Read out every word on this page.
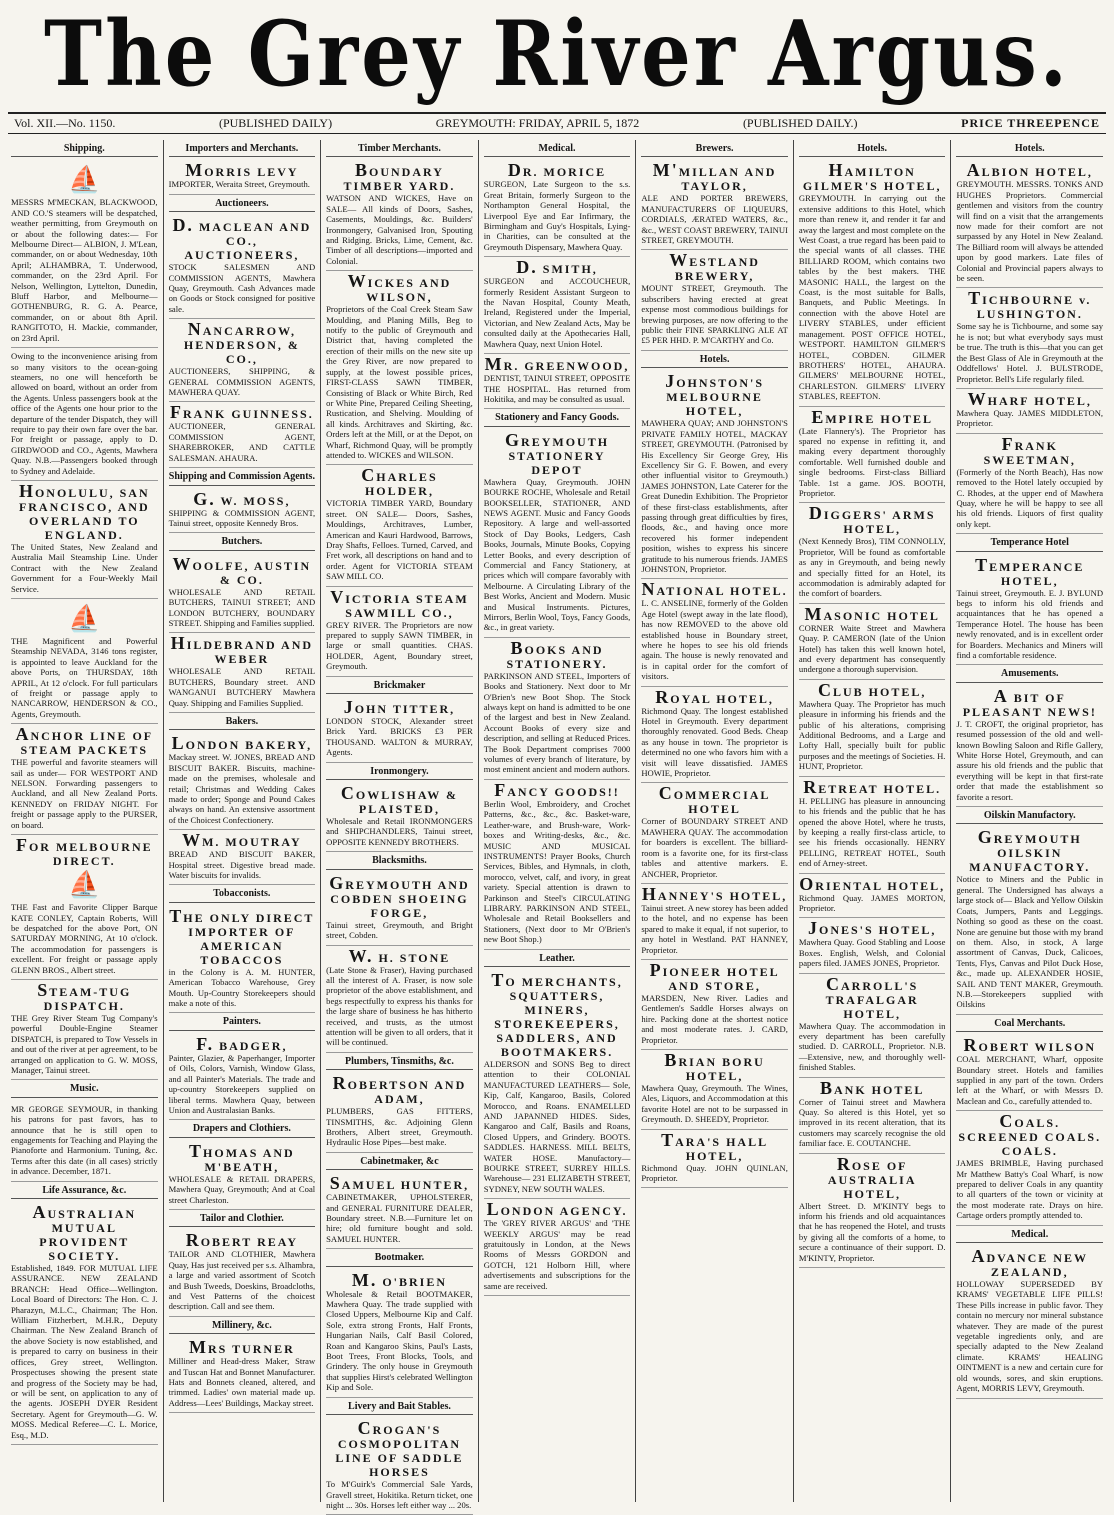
The Grey River Argus.
Vol. XII.—No. 1150.	(PUBLISHED DAILY)	GREYMOUTH: FRIDAY, APRIL 5, 1872	(PUBLISHED DAILY.)	PRICE THREEPENCE
Shipping.
⛵
MESSRS M'MECKAN, BLACKWOOD, AND CO.'S steamers will be despatched, weather permitting, from Greymouth on or about the following dates:— For Melbourne Direct— ALBION, J. M'Lean, commander, on or about Wednesday, 10th April; ALHAMBRA, T. Underwood, commander, on the 23rd April. For Nelson, Wellington, Lyttelton, Dunedin, Bluff Harbor, and Melbourne— GOTHENBURG, R. G. A. Pearce, commander, on or about 8th April. RANGITOTO, H. Mackie, commander, on 23rd April.
Owing to the inconvenience arising from so many visitors to the ocean-going steamers, no one will henceforth be allowed on board, without an order from the Agents. Unless passengers book at the office of the Agents one hour prior to the departure of the tender Dispatch, they will require to pay their own fare over the bar. For freight or passage, apply to D. GIRDWOOD and CO., Agents, Mawhera Quay. N.B.—Passengers booked through to Sydney and Adelaide.
HONOLULU, SAN FRANCISCO, AND OVERLAND TO ENGLAND.
The United States, New Zealand and Australia Mail Steamship Line. Under Contract with the New Zealand Government for a Four-Weekly Mail Service.
⛵
THE Magnificent and Powerful Steamship NEVADA, 3146 tons register, is appointed to leave Auckland for the above Ports, on THURSDAY, 18th APRIL, At 12 o'clock. For full particulars of freight or passage apply to NANCARROW, HENDERSON & CO., Agents, Greymouth.
ANCHOR LINE OF STEAM PACKETS
THE powerful and favorite steamers will sail as under— FOR WESTPORT AND NELSON. Forwarding passengers to Auckland, and all New Zealand Ports. KENNEDY on FRIDAY NIGHT. For freight or passage apply to the PURSER, on board.
FOR MELBOURNE DIRECT.
⛵
THE Fast and Favorite Clipper Barque KATE CONLEY, Captain Roberts, Will be despatched for the above Port, ON SATURDAY MORNING, At 10 o'clock. The accommodation for passengers is excellent. For freight or passage apply GLENN BROS., Albert street.
STEAM-TUG DISPATCH.
THE Grey River Steam Tug Company's powerful Double-Engine Steamer DISPATCH, is prepared to Tow Vessels in and out of the river at per agreement, to be arranged on application to G. W. MOSS, Manager, Tainui street.
Music.
MR GEORGE SEYMOUR, in thanking his patrons for past favors, has to announce that he is still open to engagements for Teaching and Playing the Pianoforte and Harmonium. Tuning, &c. Terms after this date (in all cases) strictly in advance. December, 1871.
Life Assurance, &c.
AUSTRALIAN MUTUAL PROVIDENT SOCIETY.
Established, 1849. FOR MUTUAL LIFE ASSURANCE. NEW ZEALAND BRANCH: Head Office—Wellington. Local Board of Directors: The Hon. C. J. Pharazyn, M.L.C., Chairman; The Hon. William Fitzherbert, M.H.R., Deputy Chairman. The New Zealand Branch of the above Society is now established, and is prepared to carry on business in their offices, Grey street, Wellington. Prospectuses showing the present state and progress of the Society may be had, or will be sent, on application to any of the agents. JOSEPH DYER Resident Secretary. Agent for Greymouth—G. W. MOSS. Medical Referee—C. L. Morice, Esq., M.D.
Importers and Merchants.
MORRIS LEVY
IMPORTER, Weraita Street, Greymouth.
Auctioneers.
D. MACLEAN AND CO., AUCTIONEERS,
STOCK SALESMEN AND COMMISSION AGENTS, Mawhera Quay, Greymouth. Cash Advances made on Goods or Stock consigned for positive sale.
NANCARROW, HENDERSON, & CO.,
AUCTIONEERS, SHIPPING, & GENERAL COMMISSION AGENTS, MAWHERA QUAY.
FRANK GUINNESS.
AUCTIONEER, GENERAL COMMISSION AGENT, SHAREBROKER, AND CATTLE SALESMAN. AHAURA.
Shipping and Commission Agents.
G. W. MOSS,
SHIPPING & COMMISSION AGENT, Tainui street, opposite Kennedy Bros.
Butchers.
WOOLFE, AUSTIN & CO.
WHOLESALE AND RETAIL BUTCHERS, TAINUI STREET; AND LONDON BUTCHERY, BOUNDARY STREET. Shipping and Families supplied.
HILDEBRAND AND WEBER
WHOLESALE AND RETAIL BUTCHERS, Boundary street. AND WANGANUI BUTCHERY Mawhera Quay. Shipping and Families Supplied.
Bakers.
LONDON BAKERY,
Mackay street. W. JONES, BREAD AND BISCUIT BAKER. Biscuits, machine-made on the premises, wholesale and retail; Christmas and Wedding Cakes made to order; Sponge and Pound Cakes always on hand. An extensive assortment of the Choicest Confectionery.
WM. MOUTRAY
BREAD AND BISCUIT BAKER, Hospital street. Digestive bread made. Water biscuits for invalids.
Tobacconists.
THE ONLY DIRECT IMPORTER OF AMERICAN TOBACCOS
in the Colony is A. M. HUNTER, American Tobacco Warehouse, Grey Mouth. Up-Country Storekeepers should make a note of this.
Painters.
F. BADGER,
Painter, Glazier, & Paperhanger, Importer of Oils, Colors, Varnish, Window Glass, and all Painter's Materials. The trade and up-country Storekeepers supplied on liberal terms. Mawhera Quay, between Union and Australasian Banks.
Drapers and Clothiers.
THOMAS AND M'BEATH,
WHOLESALE & RETAIL DRAPERS, Mawhera Quay, Greymouth; And at Coal street Charleston.
Tailor and Clothier.
ROBERT REAY
TAILOR AND CLOTHIER, Mawhera Quay, Has just received per s.s. Alhambra, a large and varied assortment of Scotch and Bush Tweeds, Doeskins, Broadcloths, and Vest Patterns of the choicest description. Call and see them.
Millinery, &c.
MRS TURNER
Milliner and Head-dress Maker, Straw and Tuscan Hat and Bonnet Manufacturer. Hats and Bonnets cleaned, altered, and trimmed. Ladies' own material made up. Address—Lees' Buildings, Mackay street.
Timber Merchants.
BOUNDARY TIMBER YARD.
WATSON AND WICKES, Have on SALE— All kinds of Doors, Sashes, Casements, Mouldings, &c. Builders' Ironmongery, Galvanised Iron, Spouting and Ridging. Bricks, Lime, Cement, &c. Timber of all descriptions—imported and Colonial.
WICKES AND WILSON,
Proprietors of the Coal Creek Steam Saw Moulding, and Planing Mills, Beg to notify to the public of Greymouth and District that, having completed the erection of their mills on the new site up the Grey River, are now prepared to supply, at the lowest possible prices, FIRST-CLASS SAWN TIMBER, Consisting of Black or White Birch, Red or White Pine, Prepared Ceiling Sheeting, Rustication, and Shelving. Moulding of all kinds. Architraves and Skirting, &c. Orders left at the Mill, or at the Depot, on Wharf, Richmond Quay, will be promptly attended to. WICKES and WILSON.
CHARLES HOLDER,
VICTORIA TIMBER YARD, Boundary street. ON SALE— Doors, Sashes, Mouldings, Architraves, Lumber, American and Kauri Hardwood, Barrows, Dray Shafts, Felloes. Turned, Carved, and Fret work, all descriptions on hand and to order. Agent for VICTORIA STEAM SAW MILL CO.
VICTORIA STEAM SAWMILL CO.,
GREY RIVER. The Proprietors are now prepared to supply SAWN TIMBER, in large or small quantities. CHAS. HOLDER, Agent, Boundary street, Greymouth.
Brickmaker
JOHN TITTER,
LONDON STOCK, Alexander street Brick Yard. BRICKS £3 PER THOUSAND. WALTON & MURRAY, Agents.
Ironmongery.
COWLISHAW & PLAISTED,
Wholesale and Retail IRONMONGERS and SHIPCHANDLERS, Tainui street, OPPOSITE KENNEDY BROTHERS.
Blacksmiths.
GREYMOUTH AND COBDEN SHOEING FORGE,
Tainui street, Greymouth, and Bright street, Cobden.
W. H. STONE
(Late Stone & Fraser), Having purchased all the interest of A. Fraser, is now sole proprietor of the above establishment, and begs respectfully to express his thanks for the large share of business he has hitherto received, and trusts, as the utmost attention will be given to all orders, that it will be continued.
Plumbers, Tinsmiths, &c.
ROBERTSON AND ADAM,
PLUMBERS, GAS FITTERS, TINSMITHS, &c. Adjoining Glenn Brothers, Albert street, Greymouth. Hydraulic Hose Pipes—best make.
Cabinetmaker, &c
SAMUEL HUNTER,
CABINETMAKER, UPHOLSTERER, and GENERAL FURNITURE DEALER, Boundary street. N.B.—Furniture let on hire; old furniture bought and sold. SAMUEL HUNTER.
Bootmaker.
M. O'BRIEN
Wholesale & Retail BOOTMAKER, Mawhera Quay. The trade supplied with Closed Uppers, Melbourne Kip and Calf. Sole, extra strong Fronts, Half Fronts, Hungarian Nails, Calf Basil Colored, Roan and Kangaroo Skins, Paul's Lasts, Boot Trees, Front Blocks, Tools, and Grindery. The only house in Greymouth that supplies Hirst's celebrated Wellington Kip and Sole.
Livery and Bait Stables.
CROGAN'S COSMOPOLITAN LINE OF SADDLE HORSES
To M'Guirk's Commercial Sale Yards, Gravell street, Hokitika. Return ticket, one night ... 30s. Horses left either way ... 20s.
Medical.
DR. MORICE
SURGEON, Late Surgeon to the s.s. Great Britain, formerly Surgeon to the Northampton General Hospital, the Liverpool Eye and Ear Infirmary, the Birmingham and Guy's Hospitals, Lying-in Charities, can be consulted at the Greymouth Dispensary, Mawhera Quay.
D. SMITH,
SURGEON and ACCOUCHEUR, formerly Resident Assistant Surgeon to the Navan Hospital, County Meath, Ireland, Registered under the Imperial, Victorian, and New Zealand Acts, May be consulted daily at the Apothecaries Hall, Mawhera Quay, next Union Hotel.
MR. GREENWOOD,
DENTIST, TAINUI STREET, OPPOSITE THE HOSPITAL. Has returned from Hokitika, and may be consulted as usual.
Stationery and Fancy Goods.
GREYMOUTH STATIONERY DEPOT
Mawhera Quay, Greymouth. JOHN BOURKE ROCHE, Wholesale and Retail BOOKSELLER, STATIONER, AND NEWS AGENT. Music and Fancy Goods Repository. A large and well-assorted Stock of Day Books, Ledgers, Cash Books, Journals, Minute Books, Copying Letter Books, and every description of Commercial and Fancy Stationery, at prices which will compare favorably with Melbourne. A Circulating Library of the Best Works, Ancient and Modern. Music and Musical Instruments. Pictures, Mirrors, Berlin Wool, Toys, Fancy Goods, &c., in great variety.
BOOKS AND STATIONERY.
PARKINSON AND STEEL, Importers of Books and Stationery. Next door to Mr O'Brien's new Boot Shop. The Stock always kept on hand is admitted to be one of the largest and best in New Zealand. Account Books of every size and description, and selling at Reduced Prices. The Book Department comprises 7000 volumes of every branch of literature, by most eminent ancient and modern authors.
FANCY GOODS!!
Berlin Wool, Embroidery, and Crochet Patterns, &c., &c., &c. Basket-ware, Leather-ware, and Brush-ware, Work-boxes and Writing-desks, &c., &c. MUSIC AND MUSICAL INSTRUMENTS! Prayer Books, Church Services, Bibles, and Hymnals, in cloth, morocco, velvet, calf, and ivory, in great variety. Special attention is drawn to Parkinson and Steel's CIRCULATING LIBRARY. PARKINSON AND STEEL, Wholesale and Retail Booksellers and Stationers, (Next door to Mr O'Brien's new Boot Shop.)
Leather.
TO MERCHANTS, SQUATTERS, MINERS, STOREKEEPERS, SADDLERS, AND BOOTMAKERS.
ALDERSON and SONS Beg to direct attention to their COLONIAL MANUFACTURED LEATHERS— Sole, Kip, Calf, Kangaroo, Basils, Colored Morocco, and Roans. ENAMELLED AND JAPANNED HIDES. Sides, Kangaroo and Calf, Basils and Roans, Closed Uppers, and Grindery. BOOTS. SADDLES. HARNESS. MILL BELTS, WATER HOSE. Manufactory— BOURKE STREET, SURREY HILLS. Warehouse— 231 ELIZABETH STREET, SYDNEY, NEW SOUTH WALES.
LONDON AGENCY.
The 'GREY RIVER ARGUS' and 'THE WEEKLY ARGUS' may be read gratuitously in London, at the News Rooms of Messrs GORDON and GOTCH, 121 Holborn Hill, where advertisements and subscriptions for the same are received.
Brewers.
M'MILLAN AND TAYLOR,
ALE AND PORTER BREWERS, MANUFACTURERS OF LIQUEURS, CORDIALS, ÆRATED WATERS, &c., &c., WEST COAST BREWERY, TAINUI STREET, GREYMOUTH.
WESTLAND BREWERY,
MOUNT STREET, Greymouth. The subscribers having erected at great expense most commodious buildings for brewing purposes, are now offering to the public their FINE SPARKLING ALE AT £5 PER HHD. P. M'CARTHY and Co.
Hotels.
JOHNSTON'S MELBOURNE HOTEL,
MAWHERA QUAY; AND JOHNSTON'S PRIVATE FAMILY HOTEL, MACKAY STREET, GREYMOUTH. (Patronised by His Excellency Sir George Grey, His Excellency Sir G. F. Bowen, and every other influential visitor to Greymouth.) JAMES JOHNSTON, Late Caterer for the Great Dunedin Exhibition. The Proprietor of these first-class establishments, after passing through great difficulties by fires, floods, &c., and having once more recovered his former independent position, wishes to express his sincere gratitude to his numerous friends. JAMES JOHNSTON, Proprietor.
NATIONAL HOTEL.
L. C. ANSELINE, formerly of the Golden Age Hotel (swept away in the late flood), has now REMOVED to the above old established house in Boundary street, where he hopes to see his old friends again. The house is newly renovated and is in capital order for the comfort of visitors.
ROYAL HOTEL,
Richmond Quay. The longest established Hotel in Greymouth. Every department thoroughly renovated. Good Beds. Cheap as any house in town. The proprietor is determined no one who favors him with a visit will leave dissatisfied. JAMES HOWIE, Proprietor.
COMMERCIAL HOTEL
Corner of BOUNDARY STREET AND MAWHERA QUAY. The accommodation for boarders is excellent. The billiard-room is a favorite one, for its first-class tables and attentive markers. E. ANCHER, Proprietor.
HANNEY'S HOTEL,
Tainui street. A new storey has been added to the hotel, and no expense has been spared to make it equal, if not superior, to any hotel in Westland. PAT HANNEY, Proprietor.
PIONEER HOTEL AND STORE,
MARSDEN, New River. Ladies and Gentlemen's Saddle Horses always on hire. Packing done at the shortest notice and most moderate rates. J. CARD, Proprietor.
BRIAN BORU HOTEL,
Mawhera Quay, Greymouth. The Wines, Ales, Liquors, and Accommodation at this favorite Hotel are not to be surpassed in Greymouth. D. SHEEDY, Proprietor.
TARA'S HALL HOTEL,
Richmond Quay. JOHN QUINLAN, Proprietor.
Hotels.
HAMILTON GILMER'S HOTEL,
GREYMOUTH. In carrying out the extensive additions to this Hotel, which more than renew it, and render it far and away the largest and most complete on the West Coast, a true regard has been paid to the special wants of all classes. THE BILLIARD ROOM, which contains two tables by the best makers. THE MASONIC HALL, the largest on the Coast, is the most suitable for Balls, Banquets, and Public Meetings. In connection with the above Hotel are LIVERY STABLES, under efficient management. POST OFFICE HOTEL, WESTPORT. HAMILTON GILMER'S HOTEL, COBDEN. GILMER BROTHERS' HOTEL, AHAURA. GILMERS' MELBOURNE HOTEL, CHARLESTON. GILMERS' LIVERY STABLES, REEFTON.
EMPIRE HOTEL
(Late Flannery's). The Proprietor has spared no expense in refitting it, and making every department thoroughly comfortable. Well furnished double and single bedrooms. First-class Billiard Table. 1st a game. JOS. BOOTH, Proprietor.
DIGGERS' ARMS HOTEL,
(Next Kennedy Bros), TIM CONNOLLY, Proprietor, Will be found as comfortable as any in Greymouth, and being newly and specially fitted for an Hotel, its accommodation is admirably adapted for the comfort of boarders.
MASONIC HOTEL
CORNER Waite Street and Mawhera Quay. P. CAMERON (late of the Union Hotel) has taken this well known hotel, and every department has consequently undergone a thorough supervision.
CLUB HOTEL,
Mawhera Quay. The Proprietor has much pleasure in informing his friends and the public of his alterations, comprising Additional Bedrooms, and a Large and Lofty Hall, specially built for public purposes and the meetings of Societies. H. HUNT, Proprietor.
RETREAT HOTEL.
H. PELLING has pleasure in announcing to his friends and the public that he has opened the above Hotel, where he trusts, by keeping a really first-class article, to see his friends occasionally. HENRY PELLING, RETREAT HOTEL, South end of Arney-street.
ORIENTAL HOTEL,
Richmond Quay. JAMES MORTON, Proprietor.
JONES'S HOTEL,
Mawhera Quay. Good Stabling and Loose Boxes. English, Welsh, and Colonial papers filed. JAMES JONES, Proprietor.
CARROLL'S TRAFALGAR HOTEL,
Mawhera Quay. The accommodation in every department has been carefully studied. D. CARROLL, Proprietor. N.B.—Extensive, new, and thoroughly well-finished Stables.
BANK HOTEL
Corner of Tainui street and Mawhera Quay. So altered is this Hotel, yet so improved in its recent alteration, that its customers may scarcely recognise the old familiar face. E. COUTANCHE.
ROSE OF AUSTRALIA HOTEL,
Albert Street. D. M'KINTY begs to inform his friends and old acquaintances that he has reopened the Hotel, and trusts by giving all the comforts of a home, to secure a continuance of their support. D. M'KINTY, Proprietor.
Hotels.
ALBION HOTEL,
GREYMOUTH. MESSRS. TONKS AND HUGHES Proprietors. Commercial gentlemen and visitors from the country will find on a visit that the arrangements now made for their comfort are not surpassed by any Hotel in New Zealand. The Billiard room will always be attended upon by good markers. Late files of Colonial and Provincial papers always to be seen.
TICHBOURNE v. LUSHINGTON.
Some say he is Tichbourne, and some say he is not; but what everybody says must be true. The truth is this—that you can get the Best Glass of Ale in Greymouth at the Oddfellows' Hotel. J. BULSTRODE, Proprietor. Bell's Life regularly filed.
WHARF HOTEL,
Mawhera Quay. JAMES MIDDLETON, Proprietor.
FRANK SWEETMAN,
(Formerly of the North Beach), Has now removed to the Hotel lately occupied by C. Rhodes, at the upper end of Mawhera Quay, where he will be happy to see all his old friends. Liquors of first quality only kept.
Temperance Hotel
TEMPERANCE HOTEL,
Tainui street, Greymouth. E. J. BYLUND begs to inform his old friends and acquaintances that he has opened a Temperance Hotel. The house has been newly renovated, and is in excellent order for Boarders. Mechanics and Miners will find a comfortable residence.
Amusements.
A BIT OF PLEASANT NEWS!
J. T. CROFT, the original proprietor, has resumed possession of the old and well-known Bowling Saloon and Rifle Gallery, White Horse Hotel, Greymouth, and can assure his old friends and the public that everything will be kept in that first-rate order that made the establishment so favorite a resort.
Oilskin Manufactory.
GREYMOUTH OILSKIN MANUFACTORY.
Notice to Miners and the Public in general. The Undersigned has always a large stock of— Black and Yellow Oilskin Coats, Jumpers, Pants and Leggings. Nothing so good as these on the coast. None are genuine but those with my brand on them. Also, in stock, A large assortment of Canvas, Duck, Calicoes, Tents, Flys, Canvas and Pilot Duck Hose, &c., made up. ALEXANDER HOSIE, SAIL AND TENT MAKER, Greymouth. N.B.—Storekeepers supplied with Oilskins
Coal Merchants.
ROBERT WILSON
COAL MERCHANT, Wharf, opposite Boundary street. Hotels and families supplied in any part of the town. Orders left at the Wharf, or with Messrs D. Maclean and Co., carefully attended to.
COALS. SCREENED COALS. COALS.
JAMES BRIMBLE, Having purchased Mr Matthew Batty's Coal Wharf, is now prepared to deliver Coals in any quantity to all quarters of the town or vicinity at the most moderate rate. Drays on hire. Cartage orders promptly attended to.
Medical.
ADVANCE NEW ZEALAND,
HOLLOWAY SUPERSEDED BY KRAMS' VEGETABLE LIFE PILLS! These Pills increase in public favor. They contain no mercury nor mineral substance whatever. They are made of the purest vegetable ingredients only, and are specially adapted to the New Zealand climate. KRAMS' HEALING OINTMENT is a new and certain cure for old wounds, sores, and skin eruptions. Agent, MORRIS LEVY, Greymouth.
